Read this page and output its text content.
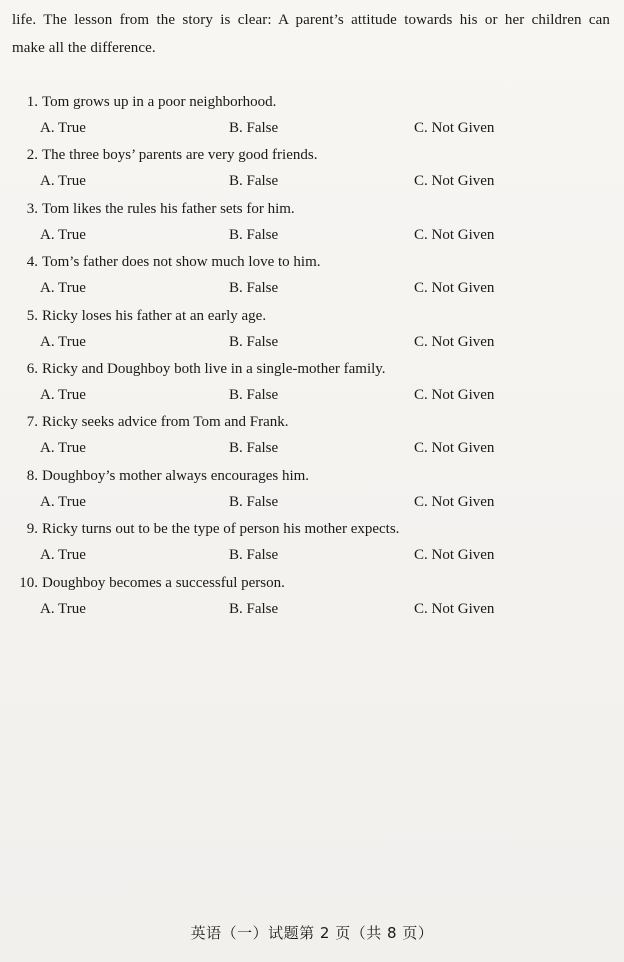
life. The lesson from the story is clear: A parent’s attitude towards his or her children can
make all the difference.
1. Tom grows up in a poor neighborhood.
A. True	B. False	C. Not Given
2. The three boys’ parents are very good friends.
A. True	B. False	C. Not Given
3. Tom likes the rules his father sets for him.
A. True	B. False	C. Not Given
4. Tom’s father does not show much love to him.
A. True	B. False	C. Not Given
5. Ricky loses his father at an early age.
A. True	B. False	C. Not Given
6. Ricky and Doughboy both live in a single-mother family.
A. True	B. False	C. Not Given
7. Ricky seeks advice from Tom and Frank.
A. True	B. False	C. Not Given
8. Doughboy’s mother always encourages him.
A. True	B. False	C. Not Given
9. Ricky turns out to be the type of person his mother expects.
A. True	B. False	C. Not Given
10. Doughboy becomes a successful person.
A. True	B. False	C. Not Given
英语（一）试题第 2 页（共 8 页）
